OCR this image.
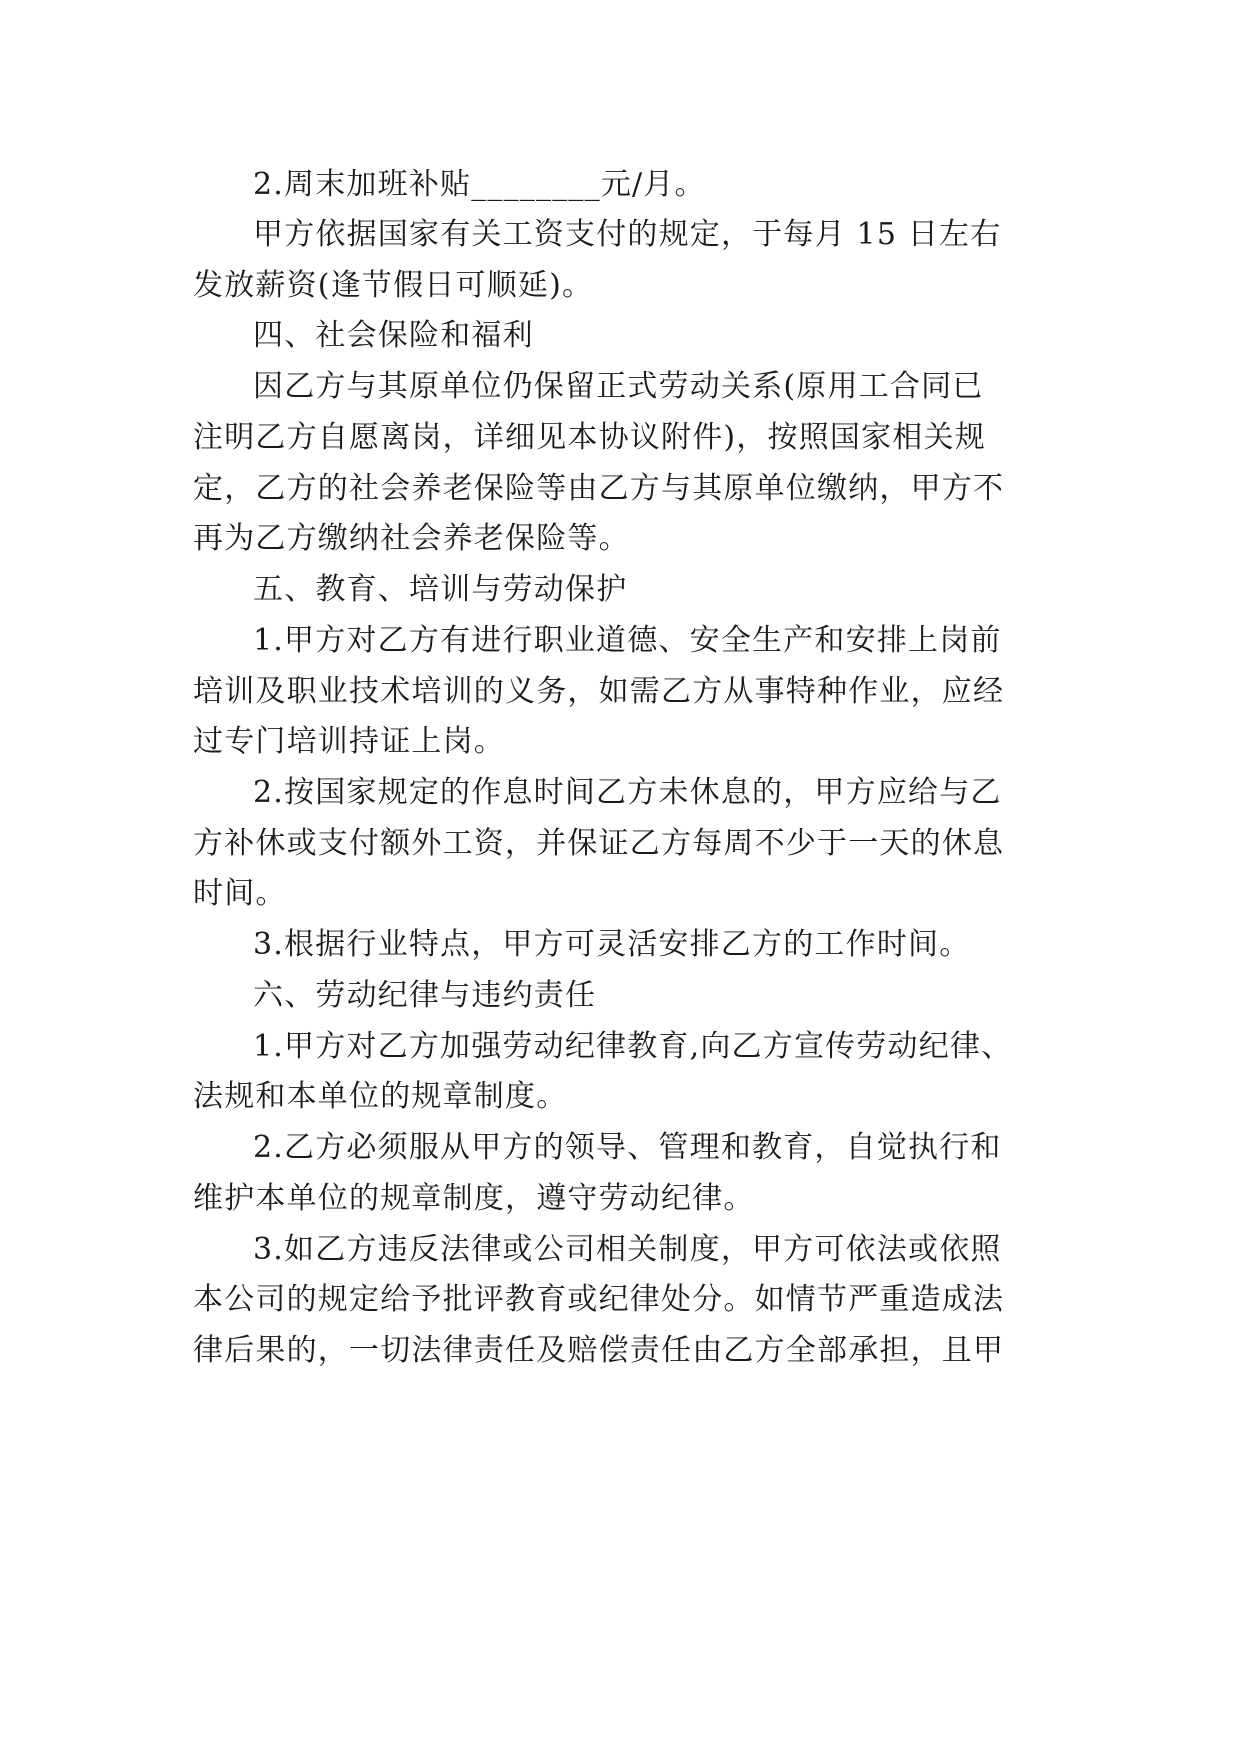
2.周末加班补贴________元/月。
甲方依据国家有关工资支付的规定，于每月 15 日左右
发放薪资(逢节假日可顺延)。
四、社会保险和福利
因乙方与其原单位仍保留正式劳动关系(原用工合同已
注明乙方自愿离岗，详细见本协议附件)，按照国家相关规
定，乙方的社会养老保险等由乙方与其原单位缴纳，甲方不
再为乙方缴纳社会养老保险等。
五、教育、培训与劳动保护
1.甲方对乙方有进行职业道德、安全生产和安排上岗前
培训及职业技术培训的义务，如需乙方从事特种作业，应经
过专门培训持证上岗。
2.按国家规定的作息时间乙方未休息的，甲方应给与乙
方补休或支付额外工资，并保证乙方每周不少于一天的休息
时间。
3.根据行业特点，甲方可灵活安排乙方的工作时间。
六、劳动纪律与违约责任
1.甲方对乙方加强劳动纪律教育,向乙方宣传劳动纪律、
法规和本单位的规章制度。
2.乙方必须服从甲方的领导、管理和教育，自觉执行和
维护本单位的规章制度，遵守劳动纪律。
3.如乙方违反法律或公司相关制度，甲方可依法或依照
本公司的规定给予批评教育或纪律处分。如情节严重造成法
律后果的，一切法律责任及赔偿责任由乙方全部承担，且甲
